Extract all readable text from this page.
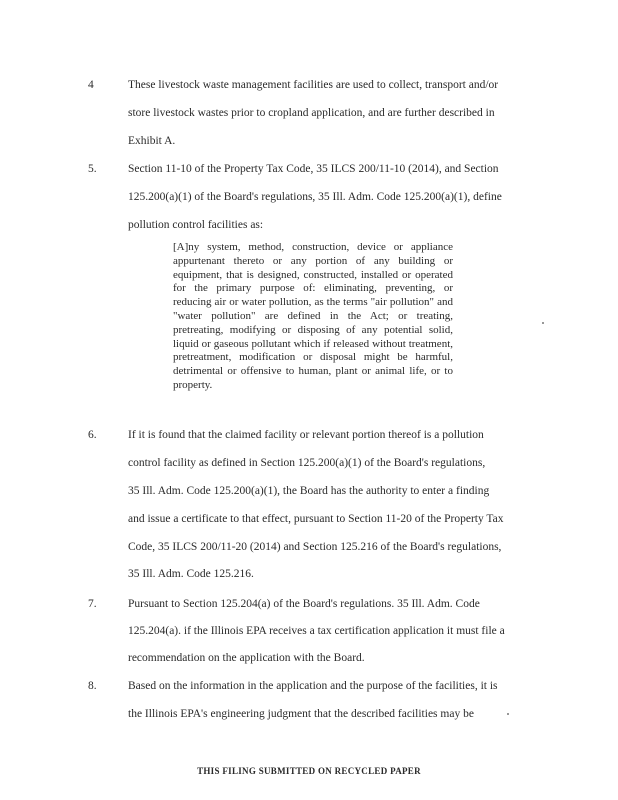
4	These livestock waste management facilities are used to collect, transport and/or
store livestock wastes prior to cropland application, and are further described in
Exhibit A.
5.	Section 11-10 of the Property Tax Code, 35 ILCS 200/11-10 (2014), and Section
125.200(a)(1) of the Board's regulations, 35 Ill. Adm. Code 125.200(a)(1), define
pollution control facilities as:
[A]ny system, method, construction, device or appliance appurtenant thereto or any portion of any building or equipment, that is designed, constructed, installed or operated for the primary purpose of: eliminating, preventing, or reducing air or water pollution, as the terms "air pollution" and "water pollution" are defined in the Act; or treating, pretreating, modifying or disposing of any potential solid, liquid or gaseous pollutant which if released without treatment, pretreatment, modification or disposal might be harmful, detrimental or offensive to human, plant or animal life, or to property.
6.	If it is found that the claimed facility or relevant portion thereof is a pollution
control facility as defined in Section 125.200(a)(1) of the Board's regulations,
35 Ill. Adm. Code 125.200(a)(1), the Board has the authority to enter a finding
and issue a certificate to that effect, pursuant to Section 11-20 of the Property Tax
Code, 35 ILCS 200/11-20 (2014) and Section 125.216 of the Board's regulations,
35 Ill. Adm. Code 125.216.
7.	Pursuant to Section 125.204(a) of the Board's regulations. 35 Ill. Adm. Code
125.204(a). if the Illinois EPA receives a tax certification application it must file a
recommendation on the application with the Board.
8.	Based on the information in the application and the purpose of the facilities, it is
the Illinois EPA's engineering judgment that the described facilities may be
THIS FILING SUBMITTED ON RECYCLED PAPER
